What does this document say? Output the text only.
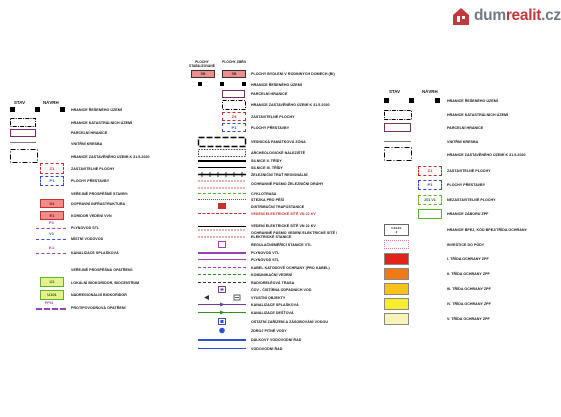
dumrealit.cz
STAV	NÁVRH
HRANICE ŘEŠENÉHO ÚZEMÍ
HRANICE KATASTRÁLNÍCH ÚZEMÍ
PARCELNÍ HRANICE
VNITŘNÍ KRESBA
HRANICE ZASTAVĚNÉHO ÚZEMÍ K 31.5.2020
Z1	ZASTAVITELNÉ PLOCHY
P1	PLOCHY PŘESTAVBY
VEŘEJNĚ PROSPĚŠNÉ STAVBY:
D1	DOPRAVNÍ INFRASTRUKTURA
E1	KORIDOR VEDENÍ VVN
P1
PLYNOVOD STL
V1
MÍSTNÍ VODOVOD
K1
KANALIZACE SPLAŠKOVÁ
VEŘEJNĚ PROSPĚŠNÁ OPATŘENÍ:
U1	LOKÁLNÍ BIOKORIDOR, BIOCENTRUM
U101	NADREGIONÁLNÍ BIOKORIDOR
PP01
PROTIPOVODŇOVÁ OPATŘENÍ
PLOCHY STABILIZOVANÉ
PLOCHY ZMĚN
SB	SB	PLOCHY BYDLENÍ V RODINNÝCH DOMECH (BI)
HRANICE ŘEŠENÉHO ÚZEMÍ
PARCELNÍ HRANICE
HRANICE ZASTAVĚNÉHO ÚZEMÍ K 31.5.2020
Z4	ZASTAVITELNÉ PLOCHY
P1	PLOCHY PŘESTAVBY
VESNICKÁ PAMÁTKOVÁ ZÓNA
ARCHEOLOGICKÉ NALEZIŠTĚ
SILNICE II. TŘÍDY
SILNICE III. TŘÍDY
ŽELEZNIČNÍ TRAŤ REGIONÁLNÍ
OCHRANNÉ PÁSMO ŽELEZNIČNÍ DRÁHY
CYKLOTRASA
STEZKA PRO PĚŠÍ
DISTRIBUČNÍ TRAFOSTANICE
VEDENÍ ELEKTRICKÉ SÍTĚ VN 22 KV
VEDENÍ ELEKTRICKÉ SÍTĚ VN 22 KV
OCHRANNÉ PÁSMO VEDENÍ ELEKTRICKÉ SÍTĚ / ELEKTRICKÉ STANICE
REGULAČNÍ/MĚŘÍCÍ STANICE VTL
PLYNOVOD VTL
PLYNOVOD STL
KABEL KATODOVÉ OCHRANY (PRO KABEL)
KOMUNIKAČNÍ VEDENÍ
RADIORELÉOVÁ TRASA
ČOV - ČISTÍRNA ODPADNÍCH VOD
VÝUSTNÍ OBJEKTY
KANALIZACE SPLAŠKOVÁ
KANALIZACE DEŠŤOVÁ
OSTATNÍ ZAŘÍZENÍ A ZÁSOBOVÁNÍ VODOU
ZDROJ PITNÉ VODY
DÁLKOVÝ VODOVODNÍ ŘAD
VODOVODNÍ ŘAD
STAV	NÁVRH
HRANICE ŘEŠENÉHO ÚZEMÍ
HRANICE KATASTRÁLNÍCH ÚZEMÍ
PARCELNÍ HRANICE
VNITŘNÍ KRESBA
HRANICE ZASTAVĚNÉHO ÚZEMÍ K 31.5.2020
Z1	ZASTAVITELNÉ PLOCHY
P1	PLOCHY PŘESTAVBY
Z01 V1	NEZASTAVITELNÉ PLOCHY
HRANICE ZÁBORU ZPF
1.04.01.
2	HRANICE BPEJ, KÓD BPEJ/TŘÍDA OCHRANY
INVESTICE DO PŮDY
I. TŘÍDA OCHRANY ZPF
II. TŘÍDA OCHRANY ZPF
III. TŘÍDA OCHRANY ZPF
IV. TŘÍDA OCHRANY ZPF
V. TŘÍDA OCHRANY ZPF
